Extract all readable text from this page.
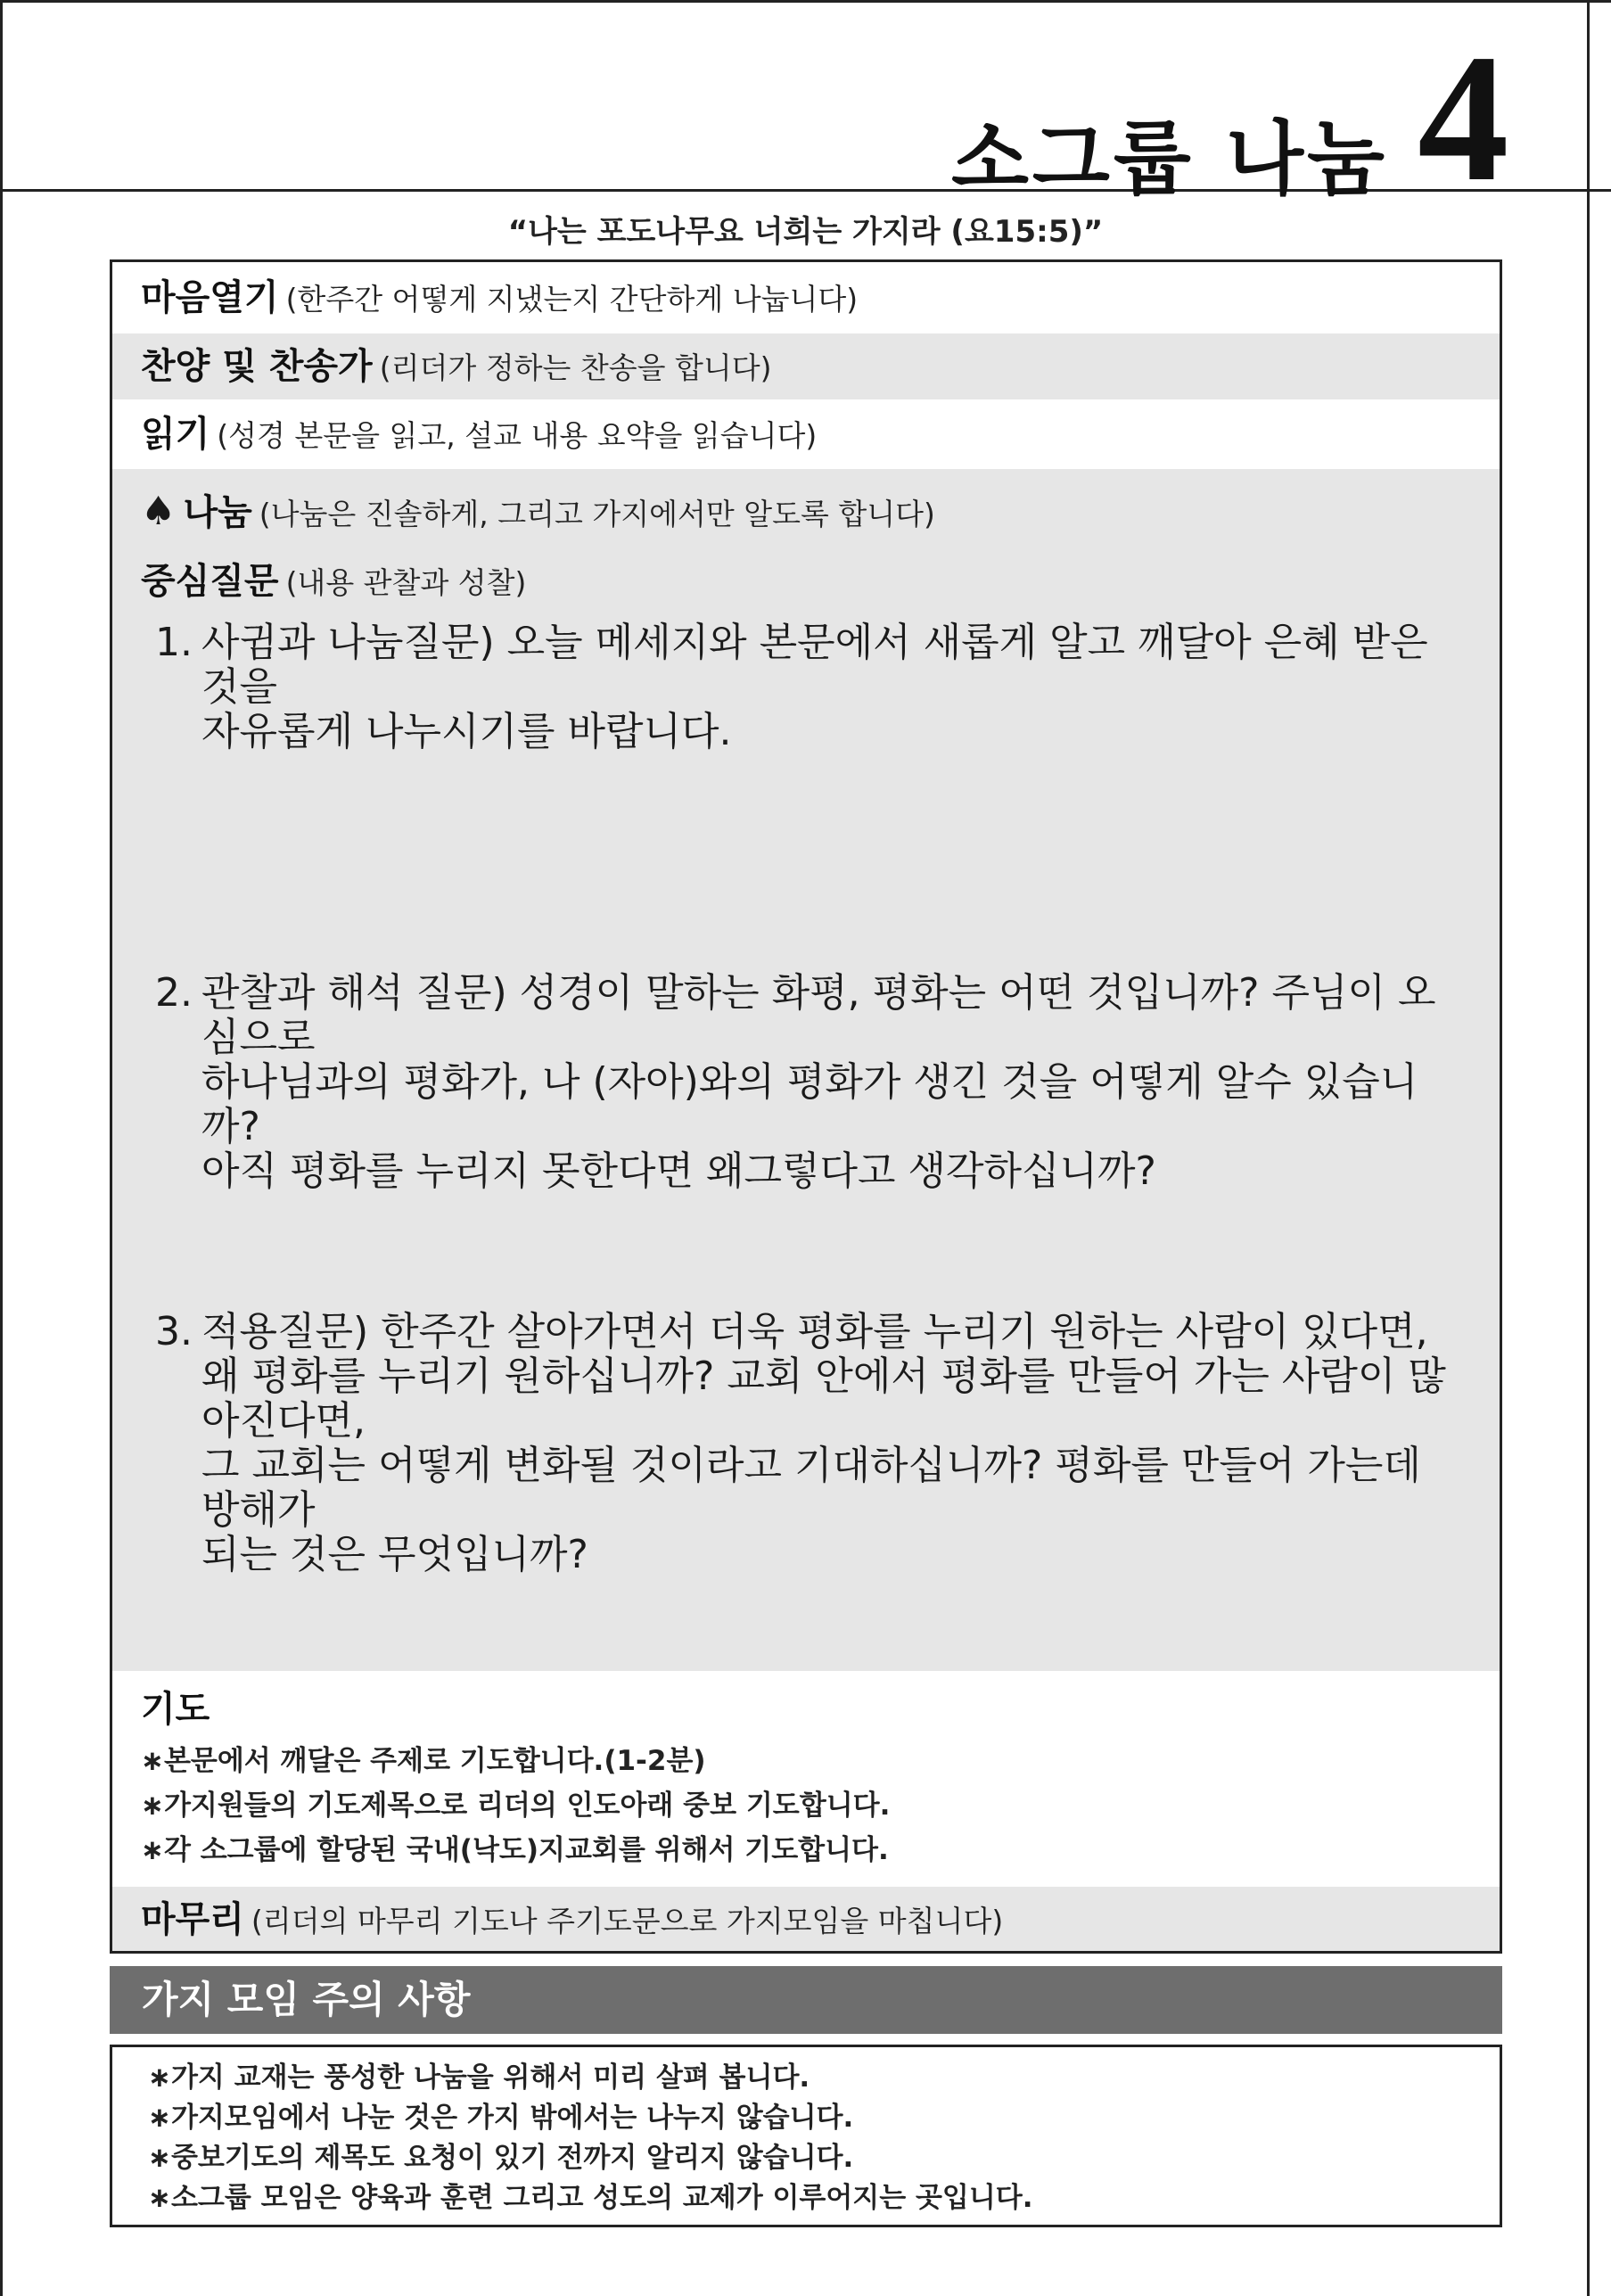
소그룹 나눔 4
“나는 포도나무요 너희는 가지라 (요15:5)”
마음열기 (한주간 어떻게 지냈는지 간단하게 나눕니다)
찬양 및 찬송가 (리더가 정하는 찬송을 합니다)
읽기 (성경 본문을 읽고, 설교 내용 요약을 읽습니다)
♠ 나눔 (나눔은 진솔하게, 그리고 가지에서만 알도록 합니다)
중심질문 (내용 관찰과 성찰)
1. 사귐과 나눔질문) 오늘 메세지와 본문에서 새롭게 알고 깨달아 은혜 받은 것을
자유롭게 나누시기를 바랍니다.
2. 관찰과 해석 질문) 성경이 말하는 화평, 평화는 어떤 것입니까? 주님이 오심으로
하나님과의 평화가, 나 (자아)와의 평화가 생긴 것을 어떻게 알수 있습니까?
아직 평화를 누리지 못한다면 왜그렇다고 생각하십니까?
3. 적용질문) 한주간 살아가면서 더욱 평화를 누리기 원하는 사람이 있다면,
왜 평화를 누리기 원하십니까? 교회 안에서 평화를 만들어 가는 사람이 많아진다면,
그 교회는 어떻게 변화될 것이라고 기대하십니까? 평화를 만들어 가는데 방해가
되는 것은 무엇입니까?
기도
∗본문에서 깨달은 주제로 기도합니다.(1-2분)
∗가지원들의 기도제목으로 리더의 인도아래 중보 기도합니다.
∗각 소그룹에 할당된 국내(낙도)지교회를 위해서 기도합니다.
마무리 (리더의 마무리 기도나 주기도문으로 가지모임을 마칩니다)
가지 모임 주의 사항
∗가지 교재는 풍성한 나눔을 위해서 미리 살펴 봅니다.
∗가지모임에서 나눈 것은 가지 밖에서는 나누지 않습니다.
∗중보기도의 제목도 요청이 있기 전까지 알리지 않습니다.
∗소그룹 모임은 양육과 훈련 그리고 성도의 교제가 이루어지는 곳입니다.
